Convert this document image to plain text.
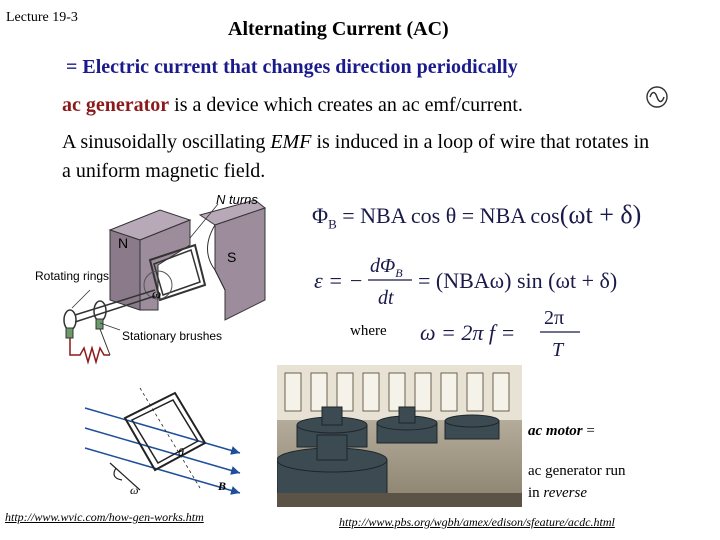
Lecture 19-3
Alternating Current (AC)
= Electric current that changes direction periodically
ac generator is a device which creates an ac emf/current.
A sinusoidally oscillating EMF is induced in a loop of wire that rotates in a uniform magnetic field.
N turns
N
S
ω
Rotating rings
Stationary brushes
$\Phi_B$ = NBA cos θ = NBA cos(ωt + δ)
ε = −
$d\Phi_B$
dt
= (NBAω) sin (ωt + δ)
where ω = 2π f =
2π
T
ω
θ
B
ac motor =
ac generator run
in reverse
http://www.wvic.com/how-gen-works.htm	http://www.pbs.org/wgbh/amex/edison/sfeature/acdc.html
